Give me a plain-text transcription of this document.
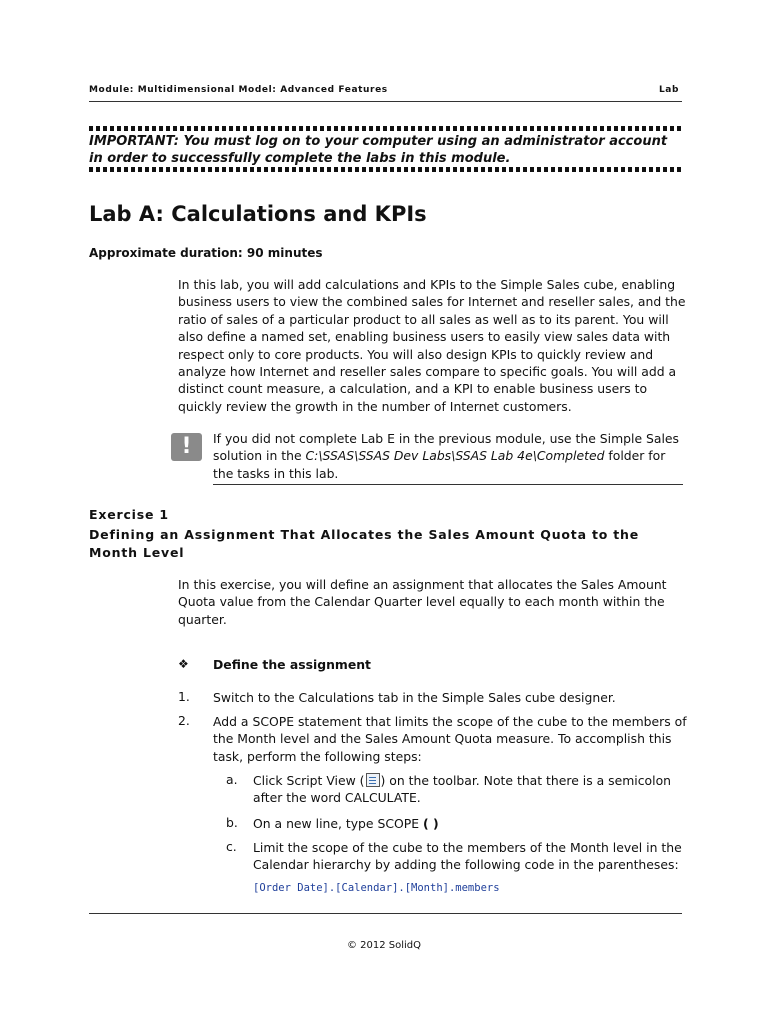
Module: Multidimensional Model: Advanced Features	Lab
IMPORTANT: You must log on to your computer using an administrator account in order to successfully complete the labs in this module.
Lab A: Calculations and KPIs
Approximate duration: 90 minutes
In this lab, you will add calculations and KPIs to the Simple Sales cube, enabling business users to view the combined sales for Internet and reseller sales, and the ratio of sales of a particular product to all sales as well as to its parent. You will also define a named set, enabling business users to easily view sales data with respect only to core products. You will also design KPIs to quickly review and analyze how Internet and reseller sales compare to specific goals. You will add a distinct count measure, a calculation, and a KPI to enable business users to quickly review the growth in the number of Internet customers.
!	If you did not complete Lab E in the previous module, use the Simple Sales solution in the C:\SSAS\SSAS Dev Labs\SSAS Lab 4e\Completed folder for the tasks in this lab.
Exercise 1
Defining an Assignment That Allocates the Sales Amount Quota to the Month Level
In this exercise, you will define an assignment that allocates the Sales Amount Quota value from the Calendar Quarter level equally to each month within the quarter.
❖ Define the assignment
1. Switch to the Calculations tab in the Simple Sales cube designer.
2. Add a SCOPE statement that limits the scope of the cube to the members of the Month level and the Sales Amount Quota measure. To accomplish this task, perform the following steps:
a. Click Script View ( ) on the toolbar. Note that there is a semicolon after the word CALCULATE.
b. On a new line, type SCOPE ( )
c. Limit the scope of the cube to the members of the Month level in the Calendar hierarchy by adding the following code in the parentheses:
[Order Date].[Calendar].[Month].members
© 2012 SolidQ
